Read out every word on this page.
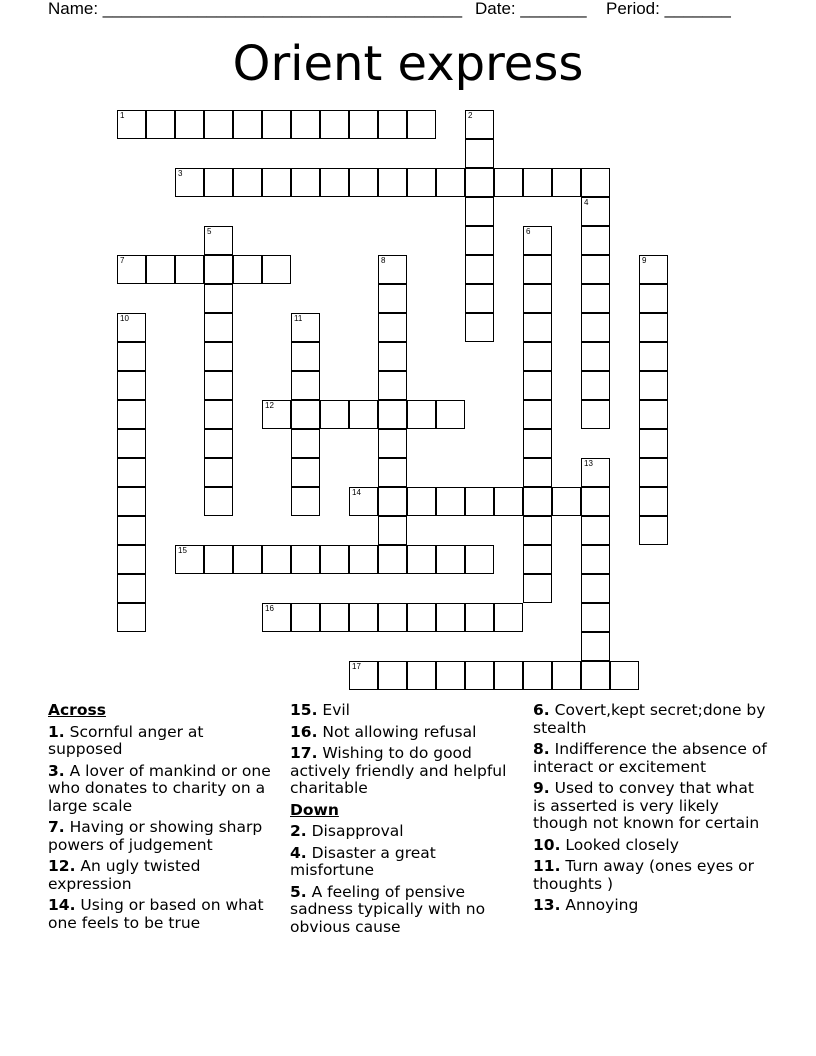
Name: ______________________________________ Date: _______ Period: _______
Orient express
1	2
3
4
5	6
7	8	9
10	11
12
13
14
15
16
17
Across
1. Scornful anger at supposed
3. A lover of mankind or one who donates to charity on a large scale
7. Having or showing sharp powers of judgement
12. An ugly twisted expression
14. Using or based on what one feels to be true
15. Evil
16. Not allowing refusal
17. Wishing to do good actively friendly and helpful charitable
Down
2. Disapproval
4. Disaster a great misfortune
5. A feeling of pensive sadness typically with no obvious cause
6. Covert,kept secret;done by stealth
8. Indifference the absence of interact or excitement
9. Used to convey that what is asserted is very likely though not known for certain
10. Looked closely
11. Turn away (ones eyes or thoughts )
13. Annoying
